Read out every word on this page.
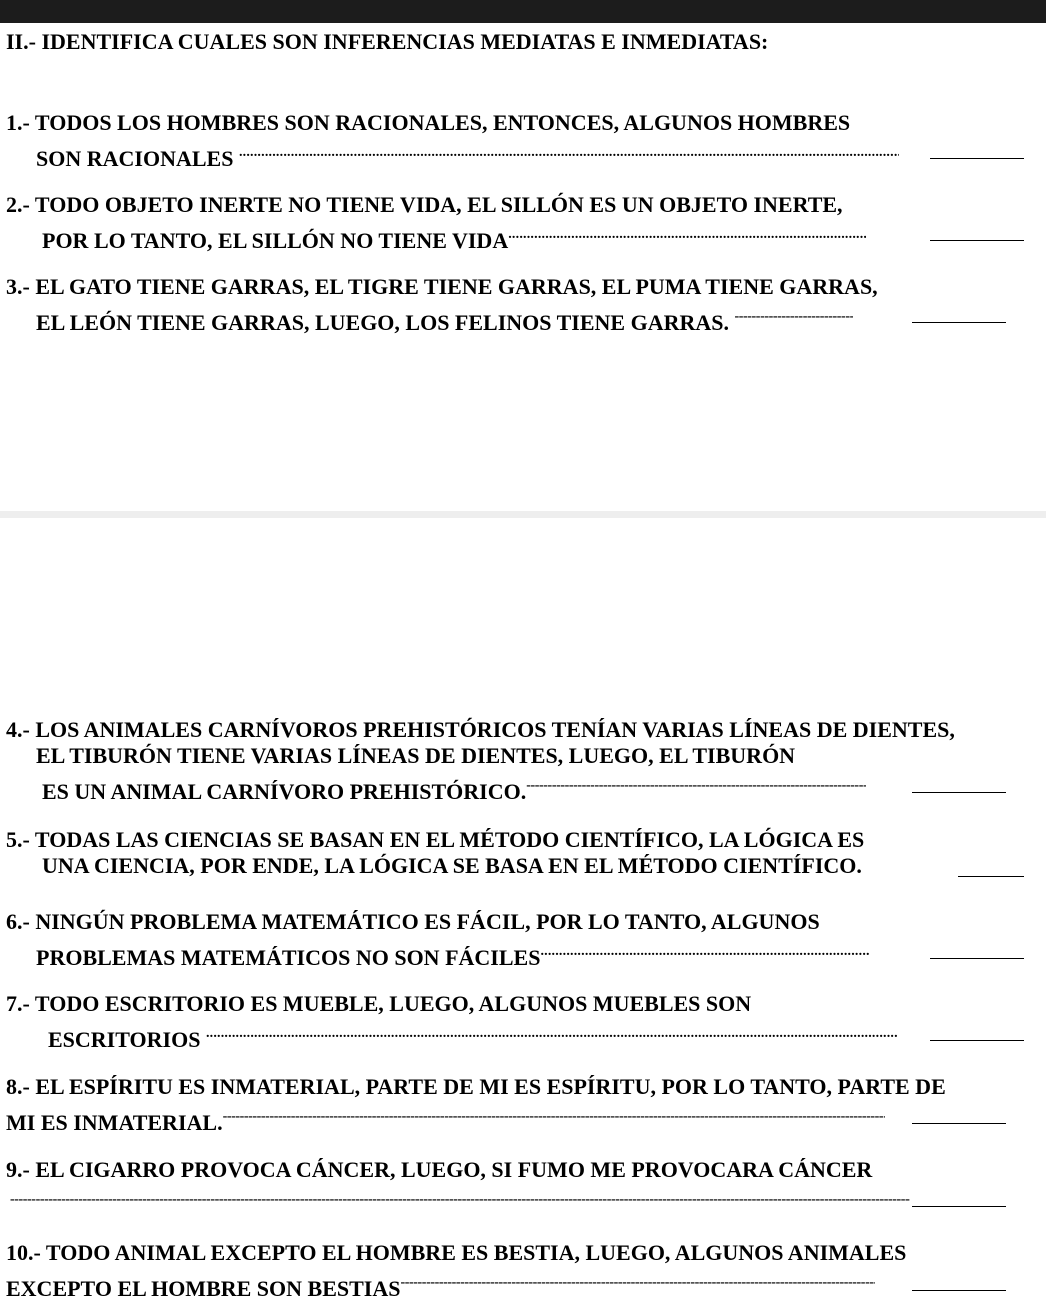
II.- IDENTIFICA CUALES SON INFERENCIAS MEDIATAS E INMEDIATAS:

1.- TODOS LOS HOMBRES SON RACIONALES, ENTONCES, ALGUNOS HOMBRES

SON RACIONALES .....

2.- TODO OBJETO INERTE NO TIENE VIDA, EL SILLÓN ES UN OBJETO INERTE,

POR LO TANTO, EL SILLÓN NO TIENE VIDA.....

3.- EL GATO TIENE GARRAS, EL TIGRE TIENE GARRAS, EL PUMA TIENE GARRAS,

EL LEÓN TIENE GARRAS, LUEGO, LOS FELINOS TIENE GARRAS. -----

4.- LOS ANIMALES CARNÍVOROS PREHISTÓRICOS TENÍAN VARIAS LÍNEAS DE DIENTES,

EL TIBURÓN TIENE VARIAS LÍNEAS DE DIENTES, LUEGO, EL TIBURÓN

ES UN ANIMAL CARNÍVORO PREHISTÓRICO.-----

5.- TODAS LAS CIENCIAS SE BASAN EN EL MÉTODO CIENTÍFICO, LA LÓGICA ES

UNA CIENCIA, POR ENDE, LA LÓGICA SE BASA EN EL MÉTODO CIENTÍFICO.

6.- NINGÚN PROBLEMA MATEMÁTICO ES FÁCIL, POR LO TANTO, ALGUNOS

PROBLEMAS MATEMÁTICOS NO SON FÁCILES.....

7.- TODO ESCRITORIO ES MUEBLE, LUEGO, ALGUNOS MUEBLES SON

ESCRITORIOS .....

8.- EL ESPÍRITU ES INMATERIAL, PARTE DE MI ES ESPÍRITU, POR LO TANTO, PARTE DE

MI ES INMATERIAL.-----

9.- EL CIGARRO PROVOCA CÁNCER, LUEGO, SI FUMO ME PROVOCARA CÁNCER

-----

10.- TODO ANIMAL EXCEPTO EL HOMBRE ES BESTIA, LUEGO, ALGUNOS ANIMALES

EXCEPTO EL HOMBRE SON BESTIAS-----
